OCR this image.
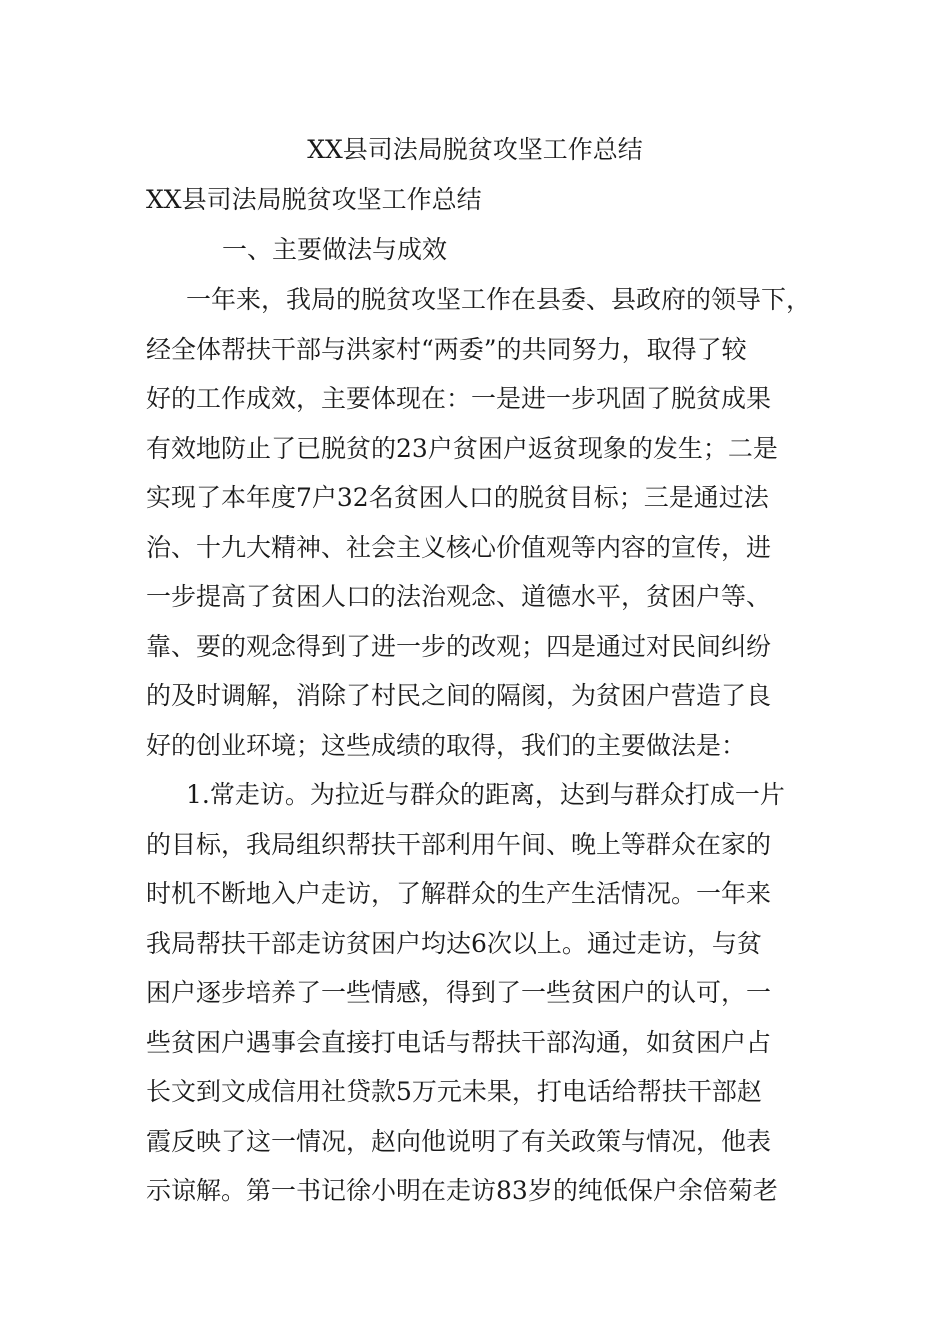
XX县司法局脱贫攻坚工作总结
XX县司法局脱贫攻坚工作总结
一、主要做法与成效
一年来，我局的脱贫攻坚工作在县委、县政府的领导下，
经全体帮扶干部与洪家村“两委”的共同努力，取得了较
好的工作成效，主要体现在：一是进一步巩固了脱贫成果
有效地防止了已脱贫的23户贫困户返贫现象的发生；二是
实现了本年度7户32名贫困人口的脱贫目标；三是通过法
治、十九大精神、社会主义核心价值观等内容的宣传，进
一步提高了贫困人口的法治观念、道德水平，贫困户等、
靠、要的观念得到了进一步的改观；四是通过对民间纠纷
的及时调解，消除了村民之间的隔阂，为贫困户营造了良
好的创业环境；这些成绩的取得，我们的主要做法是：
1.常走访。为拉近与群众的距离，达到与群众打成一片
的目标，我局组织帮扶干部利用午间、晚上等群众在家的
时机不断地入户走访，了解群众的生产生活情况。一年来
我局帮扶干部走访贫困户均达6次以上。通过走访，与贫
困户逐步培养了一些情感，得到了一些贫困户的认可，一
些贫困户遇事会直接打电话与帮扶干部沟通，如贫困户占
长文到文成信用社贷款5万元未果，打电话给帮扶干部赵
霞反映了这一情况，赵向他说明了有关政策与情况，他表
示谅解。第一书记徐小明在走访83岁的纯低保户余倍菊老
